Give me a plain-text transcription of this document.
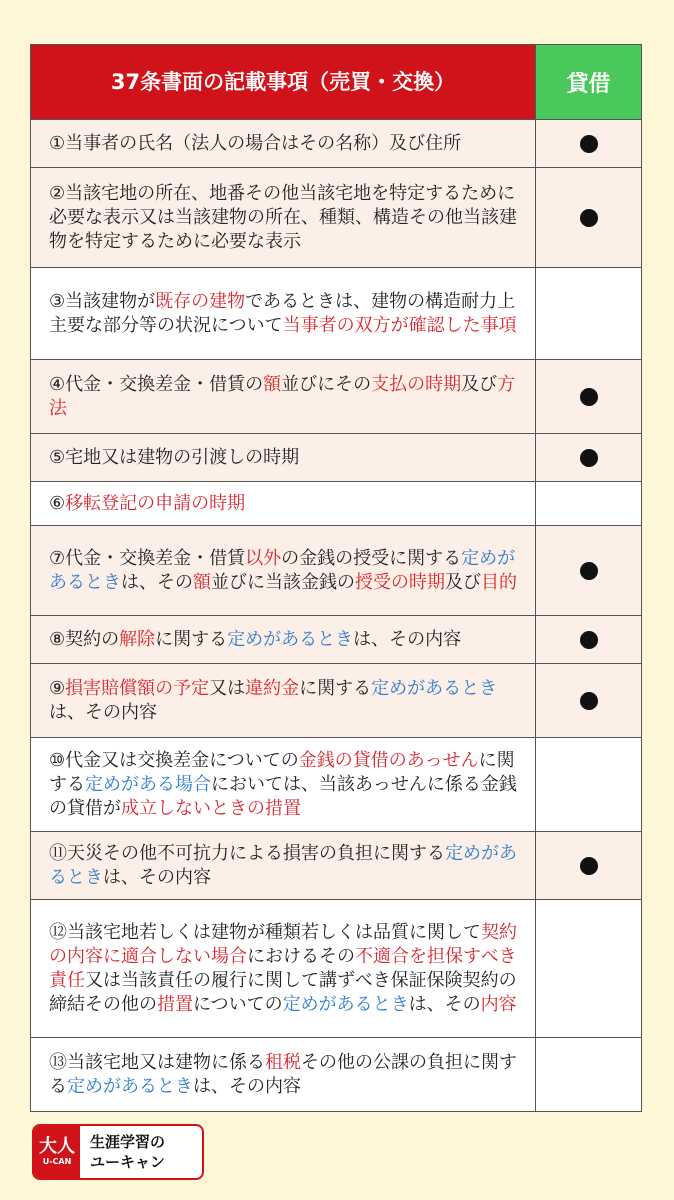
37条書面の記載事項（売買・交換）	貸借
①当事者の氏名（法人の場合はその名称）及び住所
②当該宅地の所在、地番その他当該宅地を特定するために必要な表示又は当該建物の所在、種類、構造その他当該建物を特定するために必要な表示
③当該建物が既存の建物であるときは、建物の構造耐力上主要な部分等の状況について当事者の双方が確認した事項
④代金・交換差金・借賃の額並びにその支払の時期及び方法
⑤宅地又は建物の引渡しの時期
⑥移転登記の申請の時期
⑦代金・交換差金・借賃以外の金銭の授受に関する定めがあるときは、その額並びに当該金銭の授受の時期及び目的
⑧契約の解除に関する定めがあるときは、その内容
⑨損害賠償額の予定又は違約金に関する定めがあるときは、その内容
⑩代金又は交換差金についての金銭の貸借のあっせんに関する定めがある場合においては、当該あっせんに係る金銭の貸借が成立しないときの措置
⑪天災その他不可抗力による損害の負担に関する定めがあるときは、その内容
⑫当該宅地若しくは建物が種類若しくは品質に関して契約の内容に適合しない場合におけるその不適合を担保すべき責任又は当該責任の履行に関して講ずべき保証保険契約の締結その他の措置についての定めがあるときは、その内容
⑬当該宅地又は建物に係る租税その他の公課の負担に関する定めがあるときは、その内容
大人
U-CAN
生涯学習の
ユーキャン
